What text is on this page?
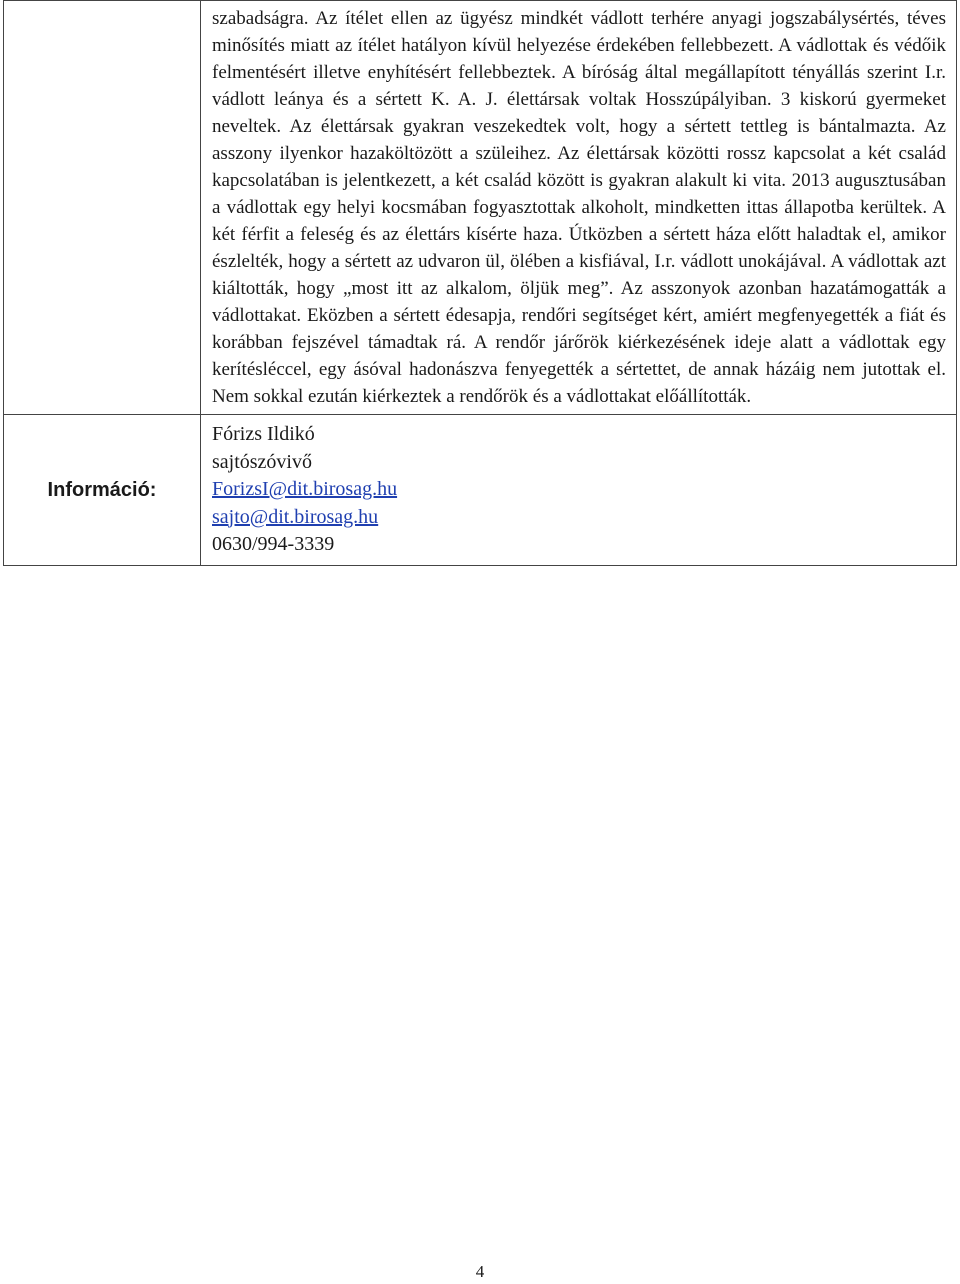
	szabadságra. Az ítélet ellen az ügyész mindkét vádlott terhére anyagi jogszabálysértés, téves minősítés miatt az ítélet hatályon kívül helyezése érdekében fellebbezett. A vádlottak és védőik felmentésért illetve enyhítésért fellebbeztek. A bíróság által megállapított tényállás szerint I.r. vádlott leánya és a sértett K. A. J. élettársak voltak Hosszúpályiban. 3 kiskorú gyermeket neveltek. Az élettársak gyakran veszekedtek volt, hogy a sértett tettleg is bántalmazta. Az asszony ilyenkor hazaköltözött a szüleihez. Az élettársak közötti rossz kapcsolat a két család kapcsolatában is jelentkezett, a két család között is gyakran alakult ki vita. 2013 augusztusában a vádlottak egy helyi kocsmában fogyasztottak alkoholt, mindketten ittas állapotba kerültek. A két férfit a feleség és az élettárs kísérte haza. Útközben a sértett háza előtt haladtak el, amikor észlelték, hogy a sértett az udvaron ül, ölében a kisfiával, I.r. vádlott unokájával. A vádlottak azt kiáltották, hogy „most itt az alkalom, öljük meg”. Az asszonyok azonban hazatámogatták a vádlottakat. Eközben a sértett édesapja, rendőri segítséget kért, amiért megfenyegették a fiát és korábban fejszével támadtak rá. A rendőr járőrök kiérkezésének ideje alatt a vádlottak egy kerítésléccel, egy ásóval hadonászva fenyegették a sértettet, de annak házáig nem jutottak el. Nem sokkal ezután kiérkeztek a rendőrök és a vádlottakat előállították.

Információ:	Fórizs Ildikó
sajtószóvivő
ForizsI@dit.birosag.hu
sajto@dit.birosag.hu
0630/994-3339
4
